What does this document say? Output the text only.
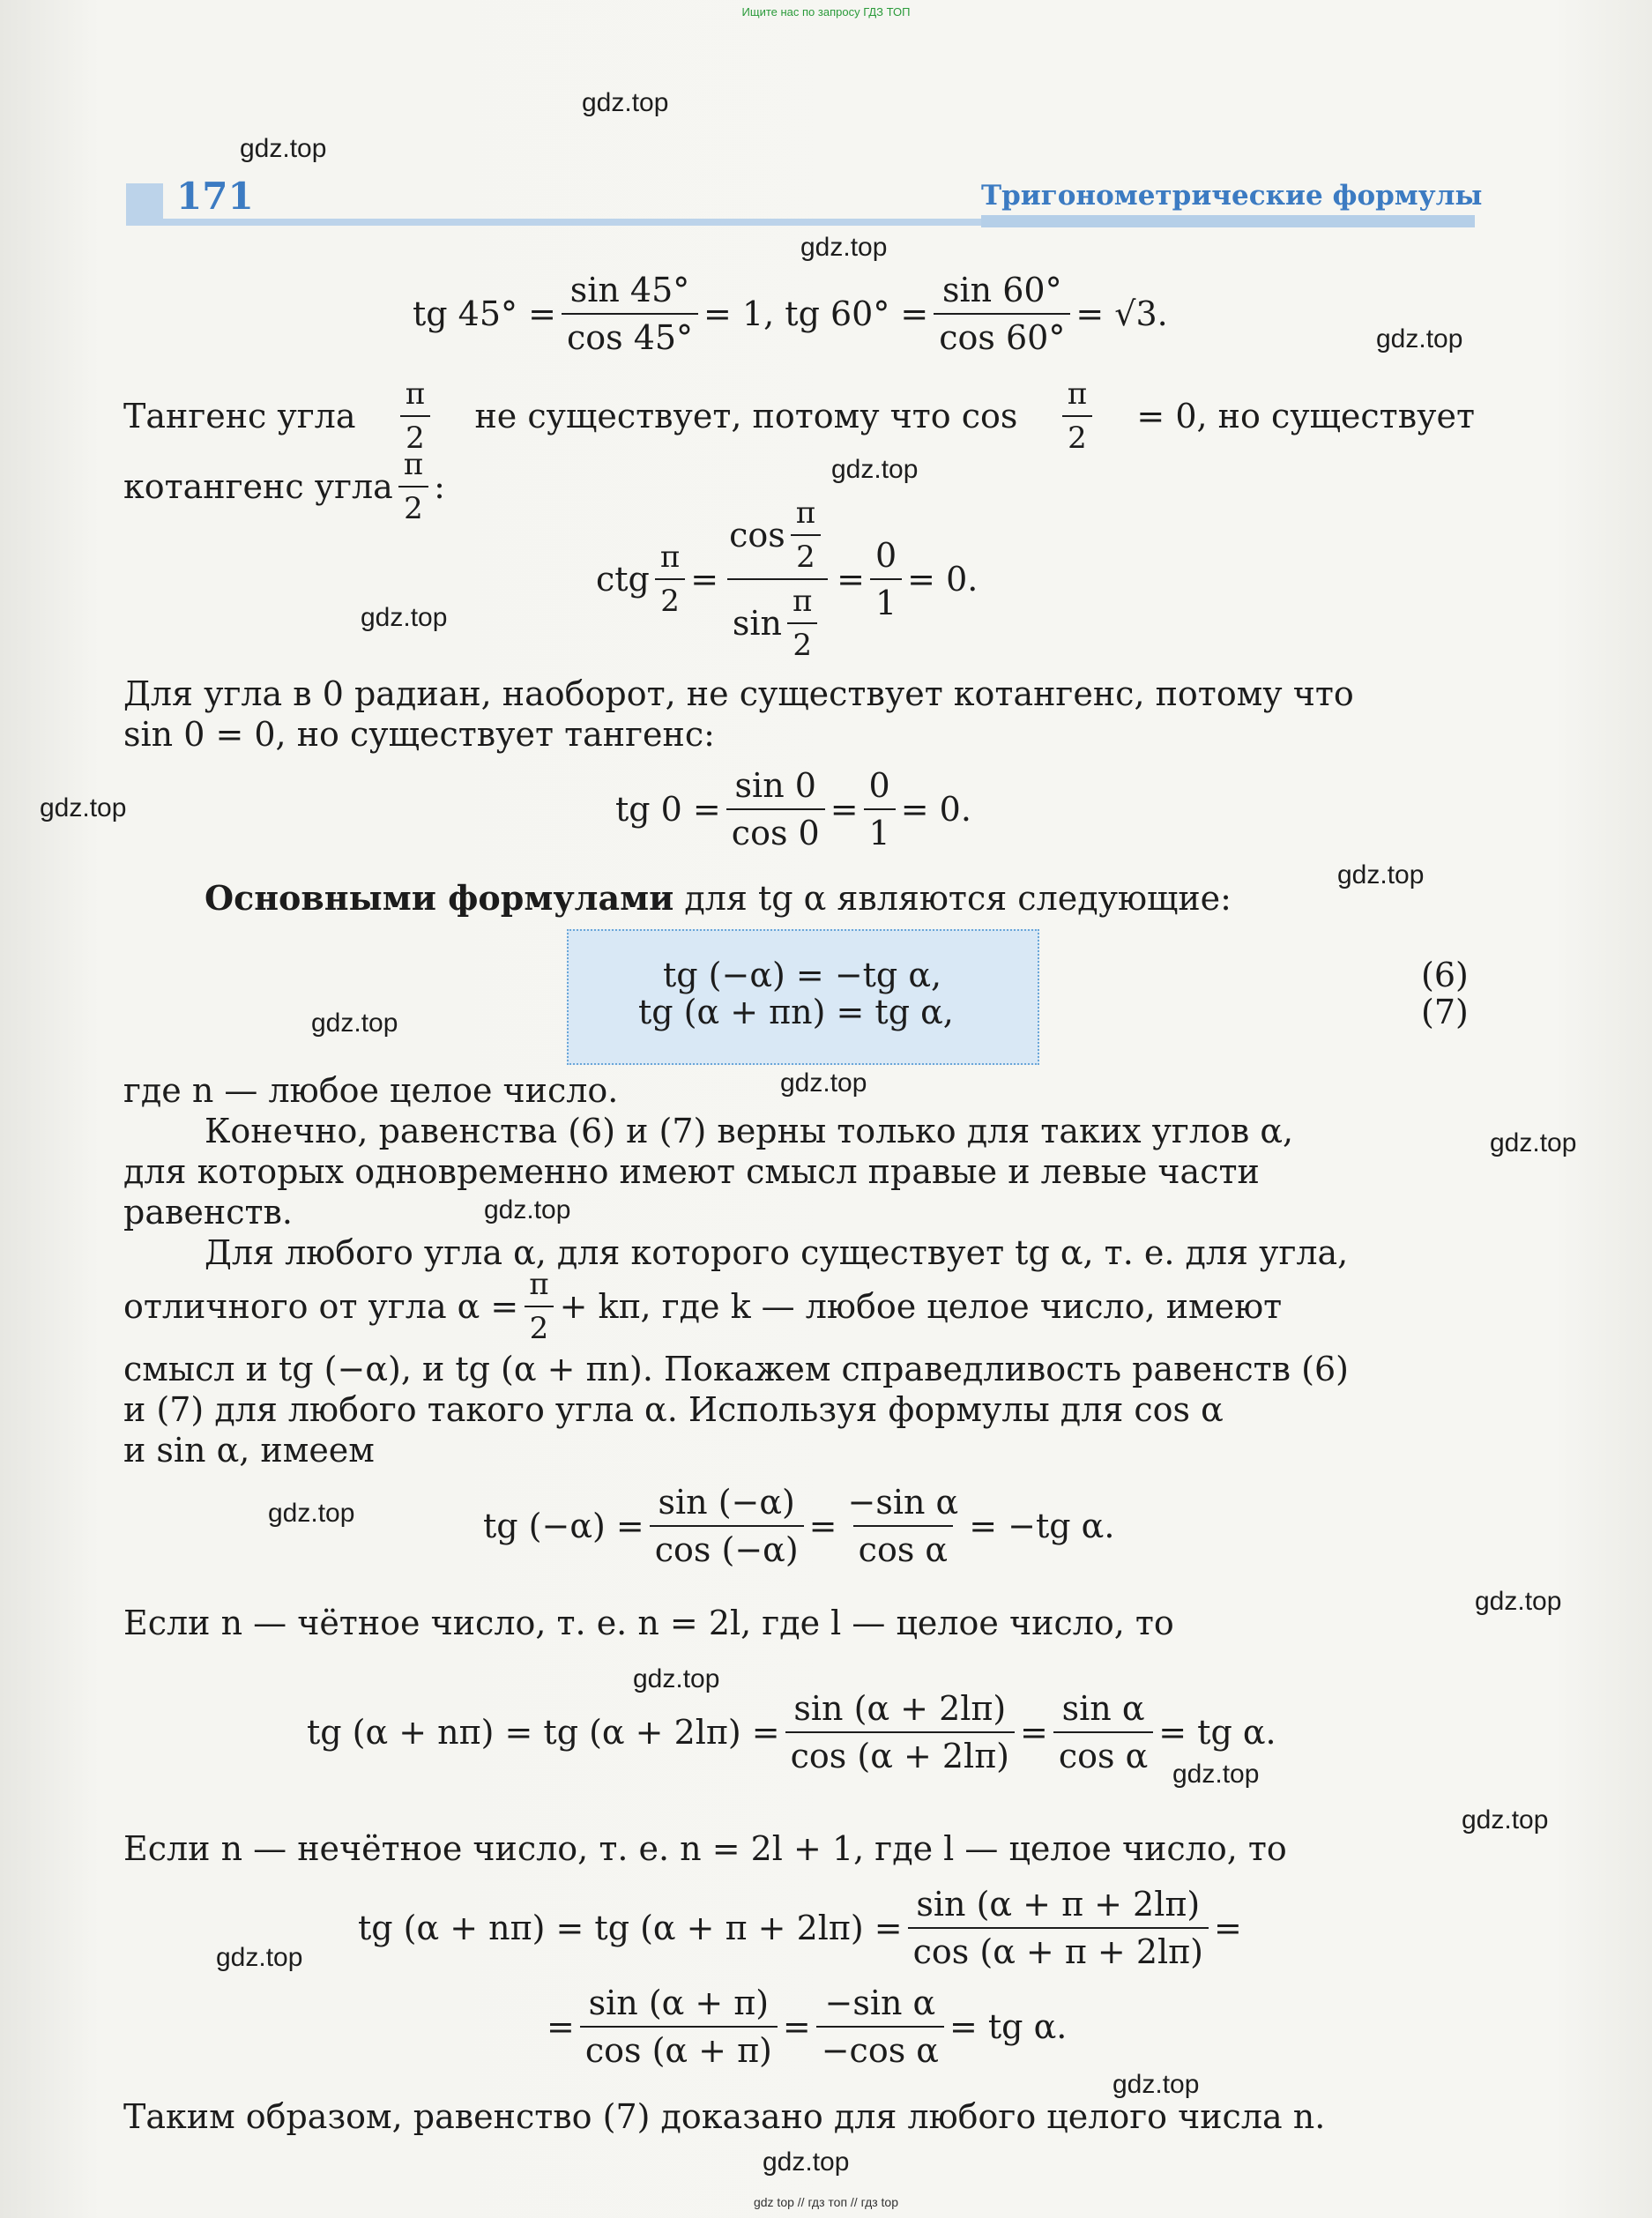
Ищите нас по запросу ГДЗ ТОП
gdz.top
gdz.top
gdz.top
gdz.top
gdz.top
gdz.top
gdz.top
gdz.top
gdz.top
gdz.top
gdz.top
gdz.top
gdz.top
gdz.top
gdz.top
gdz.top
gdz.top
gdz.top
gdz.top
gdz.top
171	Тригонометрические формулы
tg $45^\circ = \frac{\sin 45^\circ}{\cos 45^\circ} = 1$, tg $60^\circ = \frac{\sin 60^\circ}{\cos 60^\circ} = √3$.
Тангенс угла $\frac{\pi}{2}$ не существует, потому что $\cos \frac{\pi}{2} = 0$, но существует
котангенс угла $\frac{\pi}{2}$ :
ctg $\frac{\pi}{2} = \frac{\cos \frac{\pi}{2}}{\sin \frac{\pi}{2}} = \frac{0}{1} = 0$.
Для угла в 0 радиан, наоборот, не существует котангенс, потому что
sin 0 = 0, но существует тангенс:
tg $0 = \frac{\sin 0}{\cos 0} = \frac{0}{1} = 0$.
Основными формулами для tg α являются следующие:
tg (−α) = −tg α,
tg (α + πn) = tg α,
(6)
(7)
где n — любое целое число.
Конечно, равенства (6) и (7) верны только для таких углов α,
для которых одновременно имеют смысл правые и левые части
равенств.
Для любого угла α, для которого существует tg α, т. е. для угла,
отличного от угла $\alpha = \frac{\pi}{2} + k\pi$, где k — любое целое число, имеют
смысл и tg (−α), и tg (α + πn). Покажем справедливость равенств (6)
и (7) для любого такого угла α. Используя формулы для cos α
и sin α, имеем
tg $(-\alpha) = \frac{\sin (-\alpha)}{\cos (-\alpha)} = \frac{\text{−sin α}}{\text{cos α}} = -tg$ α.
Если n — чётное число, т. е. n = 2l, где l — целое число, то
tg (α + nπ) = tg $(\alpha + 2l\pi) = \frac{\sin (\alpha + 2l\pi)}{\cos (\alpha + 2l\pi)} = \frac{\text{sin α}}{\text{cos α}}$ = tg α.
Если n — нечётное число, т. е. n = 2l + 1, где l — целое число, то
tg (α + nπ) = tg $(\alpha + \pi + 2l\pi) = \frac{\sin (\alpha + \pi + 2l\pi)}{\cos (\alpha + \pi + 2l\pi)}$ =
= $\frac{\sin (\alpha + \pi)}{\cos (\alpha + \pi)} = \frac{\text{−sin α}}{\text{−cos α}}$ = tg α.
Таким образом, равенство (7) доказано для любого целого числа n.
gdz top // гдз топ // гдз top
